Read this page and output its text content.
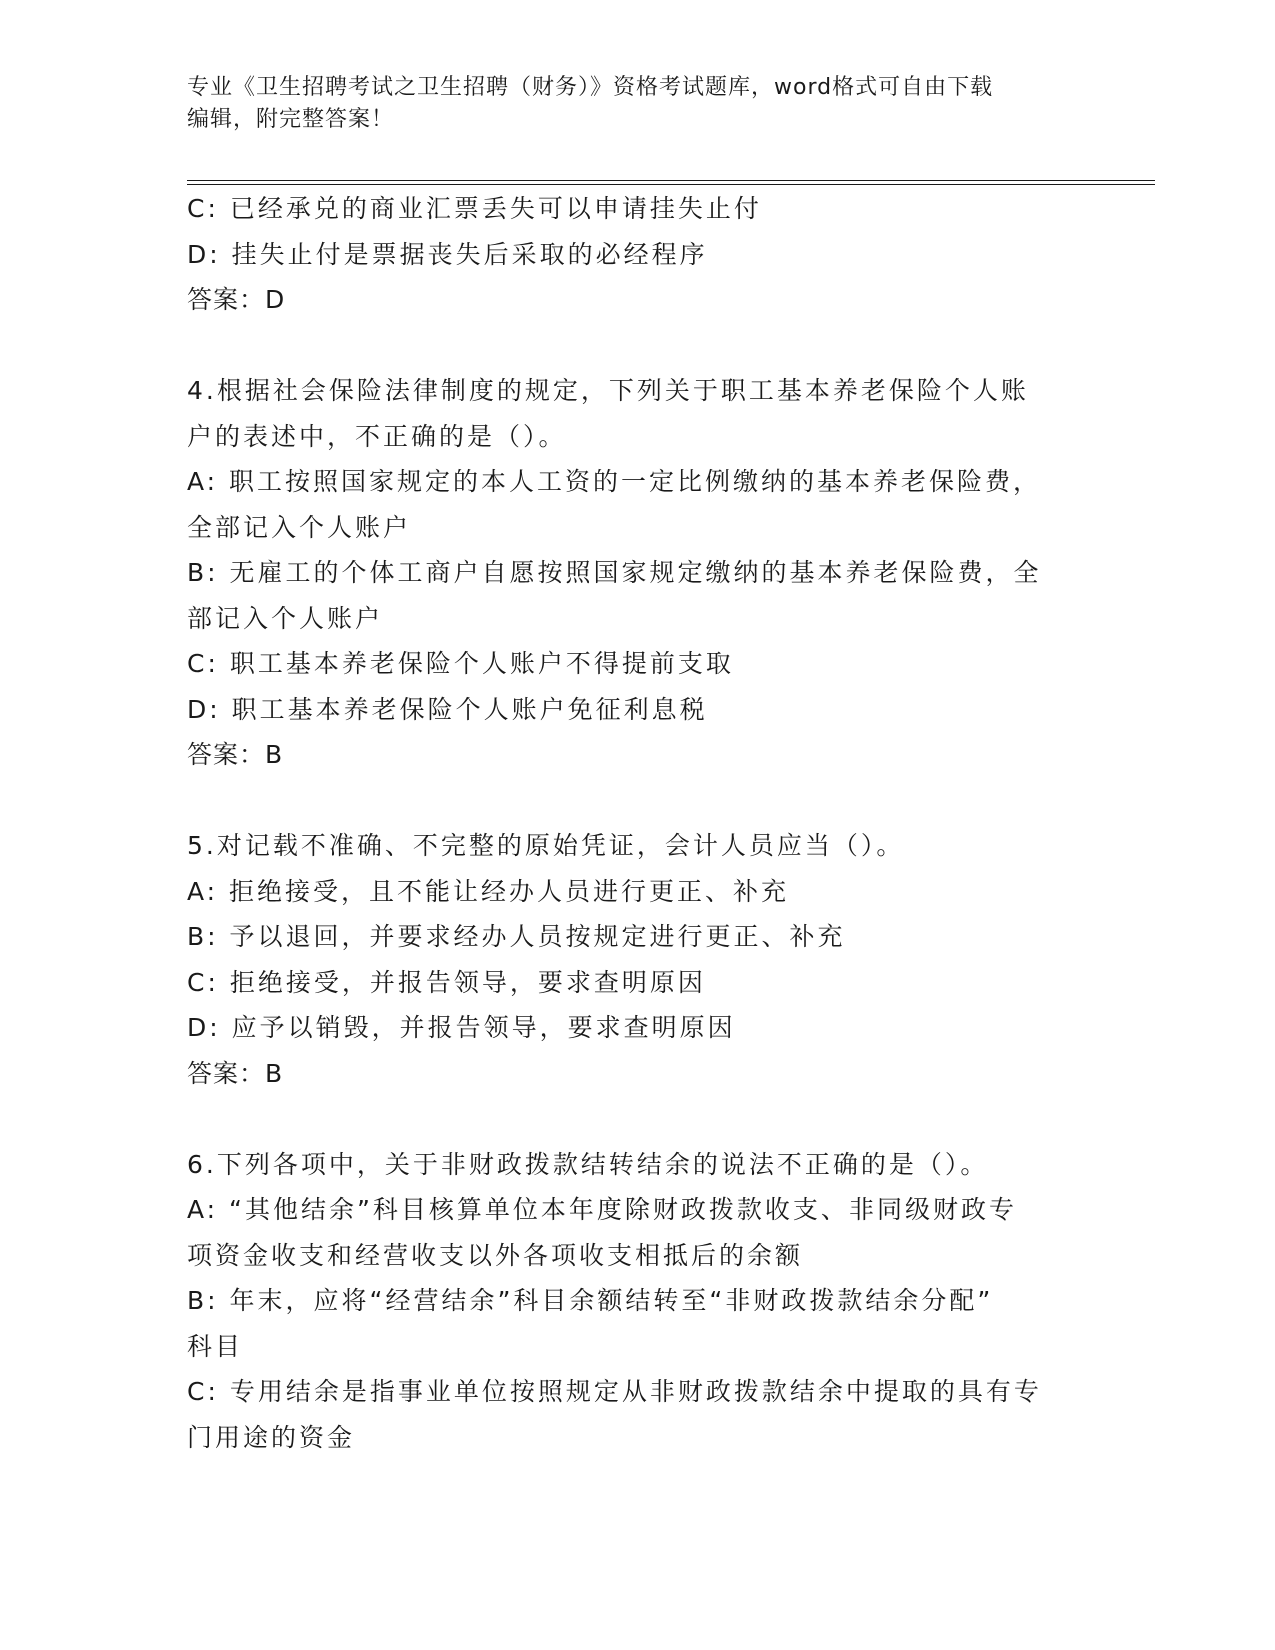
专业《卫生招聘考试之卫生招聘（财务）》资格考试题库，word格式可自由下载
编辑，附完整答案！
C: 已经承兑的商业汇票丢失可以申请挂失止付
D: 挂失止付是票据丧失后采取的必经程序
答案：D
4.根据社会保险法律制度的规定，下列关于职工基本养老保险个人账
户的表述中，不正确的是（）。
A: 职工按照国家规定的本人工资的一定比例缴纳的基本养老保险费，
全部记入个人账户
B: 无雇工的个体工商户自愿按照国家规定缴纳的基本养老保险费，全
部记入个人账户
C: 职工基本养老保险个人账户不得提前支取
D: 职工基本养老保险个人账户免征利息税
答案：B
5.对记载不准确、不完整的原始凭证，会计人员应当（）。
A: 拒绝接受，且不能让经办人员进行更正、补充
B: 予以退回，并要求经办人员按规定进行更正、补充
C: 拒绝接受，并报告领导，要求查明原因
D: 应予以销毁，并报告领导，要求查明原因
答案：B
6.下列各项中，关于非财政拨款结转结余的说法不正确的是（）。
A: “其他结余”科目核算单位本年度除财政拨款收支、非同级财政专
项资金收支和经营收支以外各项收支相抵后的余额
B: 年末，应将“经营结余”科目余额结转至“非财政拨款结余分配”
科目
C: 专用结余是指事业单位按照规定从非财政拨款结余中提取的具有专
门用途的资金
